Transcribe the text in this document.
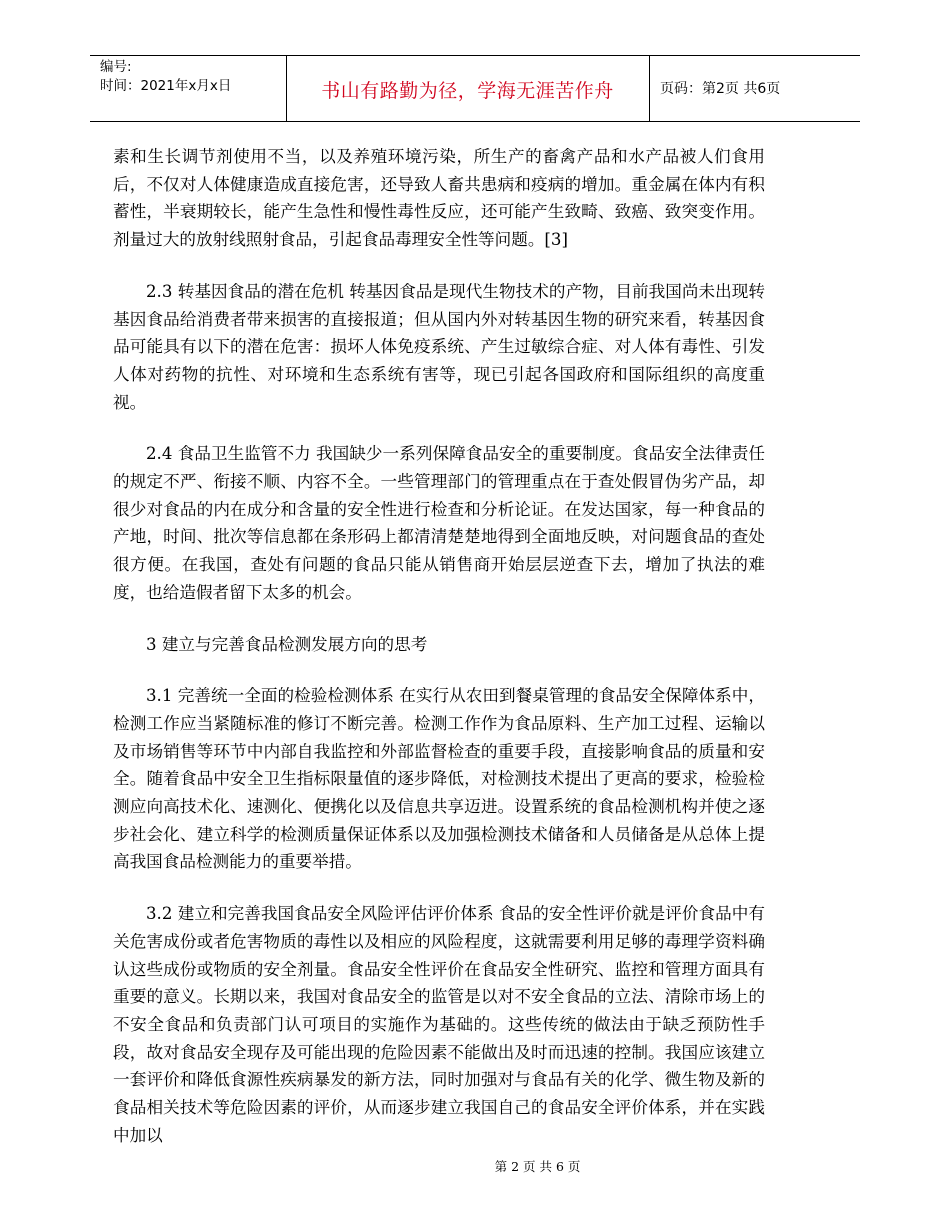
编号:
时间：2021年x月x日	书山有路勤为径，学海无涯苦作舟	页码：第2页 共6页

素和生长调节剂使用不当，以及养殖环境污染，所生产的畜禽产品和水产品被人们食用后，不仅对人体健康造成直接危害，还导致人畜共患病和疫病的增加。重金属在体内有积蓄性，半衰期较长，能产生急性和慢性毒性反应，还可能产生致畸、致癌、致突变作用。剂量过大的放射线照射食品，引起食品毒理安全性等问题。[3]

2.3 转基因食品的潜在危机 转基因食品是现代生物技术的产物，目前我国尚未出现转基因食品给消费者带来损害的直接报道；但从国内外对转基因生物的研究来看，转基因食品可能具有以下的潜在危害：损坏人体免疫系统、产生过敏综合症、对人体有毒性、引发人体对药物的抗性、对环境和生态系统有害等，现已引起各国政府和国际组织的高度重视。

2.4 食品卫生监管不力 我国缺少一系列保障食品安全的重要制度。食品安全法律责任的规定不严、衔接不顺、内容不全。一些管理部门的管理重点在于查处假冒伪劣产品，却很少对食品的内在成分和含量的安全性进行检查和分析论证。在发达国家，每一种食品的产地，时间、批次等信息都在条形码上都清清楚楚地得到全面地反映，对问题食品的查处很方便。在我国，查处有问题的食品只能从销售商开始层层逆查下去，增加了执法的难度，也给造假者留下太多的机会。

3 建立与完善食品检测发展方向的思考

3.1 完善统一全面的检验检测体系 在实行从农田到餐桌管理的食品安全保障体系中，检测工作应当紧随标准的修订不断完善。检测工作作为食品原料、生产加工过程、运输以及市场销售等环节中内部自我监控和外部监督检查的重要手段，直接影响食品的质量和安全。随着食品中安全卫生指标限量值的逐步降低，对检测技术提出了更高的要求，检验检测应向高技术化、速测化、便携化以及信息共享迈进。设置系统的食品检测机构并使之逐步社会化、建立科学的检测质量保证体系以及加强检测技术储备和人员储备是从总体上提高我国食品检测能力的重要举措。

3.2 建立和完善我国食品安全风险评估评价体系 食品的安全性评价就是评价食品中有关危害成份或者危害物质的毒性以及相应的风险程度，这就需要利用足够的毒理学资料确认这些成份或物质的安全剂量。食品安全性评价在食品安全性研究、监控和管理方面具有重要的意义。长期以来，我国对食品安全的监管是以对不安全食品的立法、清除市场上的不安全食品和负责部门认可项目的实施作为基础的。这些传统的做法由于缺乏预防性手段，故对食品安全现存及可能出现的危险因素不能做出及时而迅速的控制。我国应该建立一套评价和降低食源性疾病暴发的新方法，同时加强对与食品有关的化学、微生物及新的食品相关技术等危险因素的评价，从而逐步建立我国自己的食品安全评价体系，并在实践中加以

第 2 页 共 6 页
